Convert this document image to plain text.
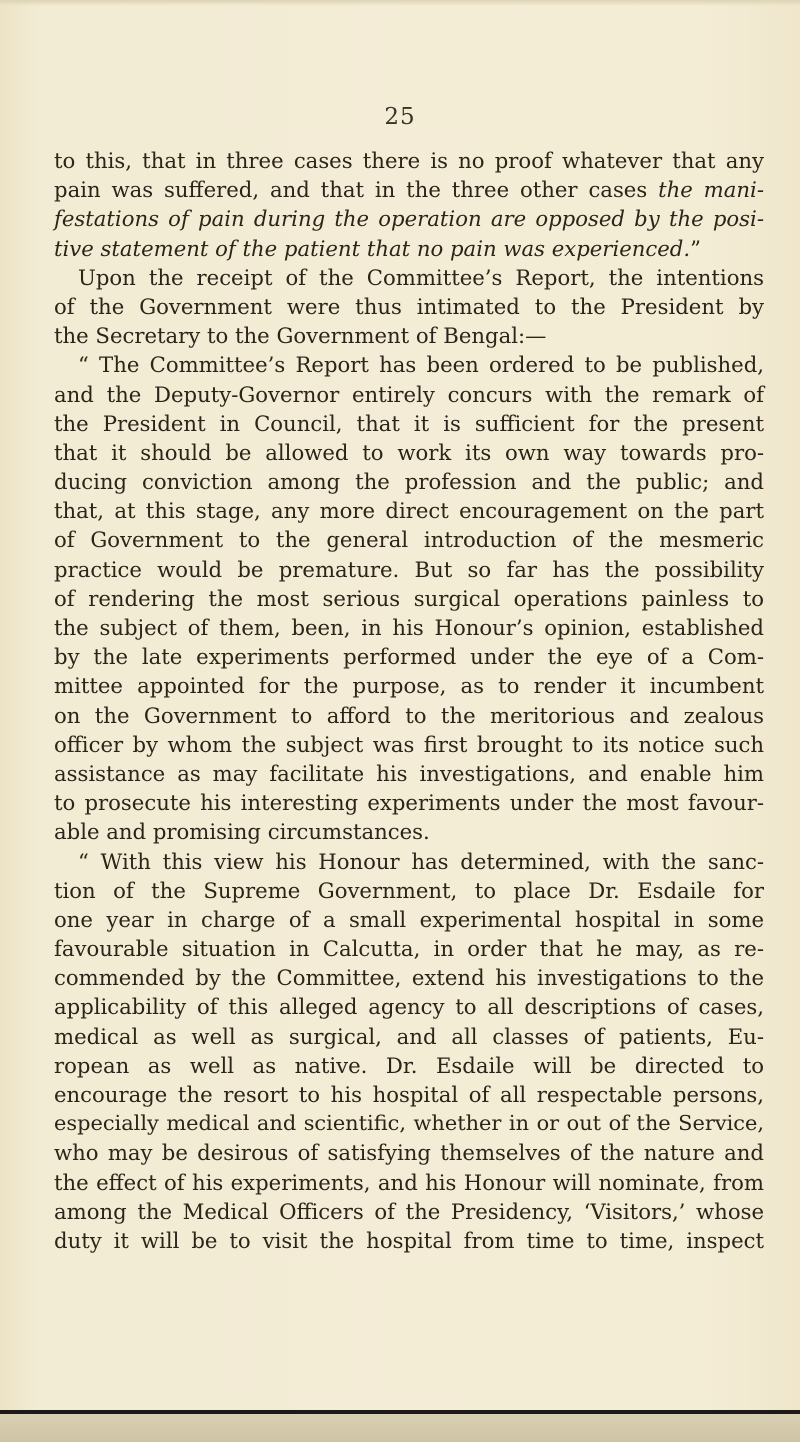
25
to this, that in three cases there is no proof whatever that any
pain was suffered, and that in the three other cases the mani-
festations of pain during the operation are opposed by the posi-
tive statement of the patient that no pain was experienced.”
Upon the receipt of the Committee’s Report, the intentions
of the Government were thus intimated to the President by
the Secretary to the Government of Bengal:—
“ The Committee’s Report has been ordered to be published,
and the Deputy-Governor entirely concurs with the remark of
the President in Council, that it is sufficient for the present
that it should be allowed to work its own way towards pro-
ducing conviction among the profession and the public; and
that, at this stage, any more direct encouragement on the part
of Government to the general introduction of the mesmeric
practice would be premature. But so far has the possibility
of rendering the most serious surgical operations painless to
the subject of them, been, in his Honour’s opinion, established
by the late experiments performed under the eye of a Com-
mittee appointed for the purpose, as to render it incumbent
on the Government to afford to the meritorious and zealous
officer by whom the subject was first brought to its notice such
assistance as may facilitate his investigations, and enable him
to prosecute his interesting experiments under the most favour-
able and promising circumstances.
“ With this view his Honour has determined, with the sanc-
tion of the Supreme Government, to place Dr. Esdaile for
one year in charge of a small experimental hospital in some
favourable situation in Calcutta, in order that he may, as re-
commended by the Committee, extend his investigations to the
applicability of this alleged agency to all descriptions of cases,
medical as well as surgical, and all classes of patients, Eu-
ropean as well as native. Dr. Esdaile will be directed to
encourage the resort to his hospital of all respectable persons,
especially medical and scientific, whether in or out of the Service,
who may be desirous of satisfying themselves of the nature and
the effect of his experiments, and his Honour will nominate, from
among the Medical Officers of the Presidency, ‘Visitors,’ whose
duty it will be to visit the hospital from time to time, inspect
